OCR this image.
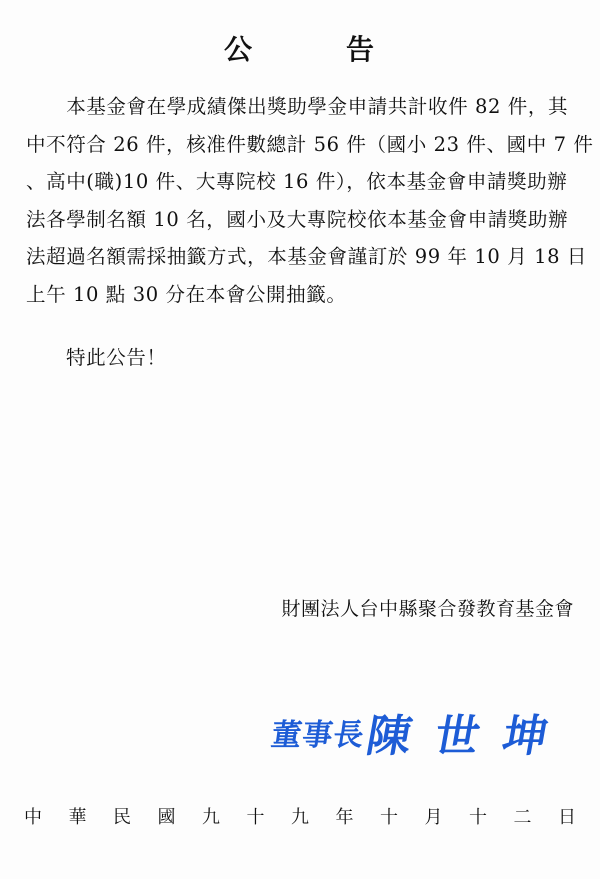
公	告
　　本基金會在學成績傑出獎助學金申請共計收件 82 件，其
中不符合 26 件，核准件數總計 56 件（國小 23 件、國中 7 件
、高中(職)10 件、大專院校 16 件），依本基金會申請獎助辦
法各學制名額 10 名，國小及大專院校依本基金會申請獎助辦
法超過名額需採抽籤方式，本基金會謹訂於 99 年 10 月 18 日
上午 10 點 30 分在本會公開抽籤。
特此公告！
財團法人台中縣聚合發教育基金會
董事長
陳世坤
中 華 民 國 九 十 九 年 十 月 十 二 日
